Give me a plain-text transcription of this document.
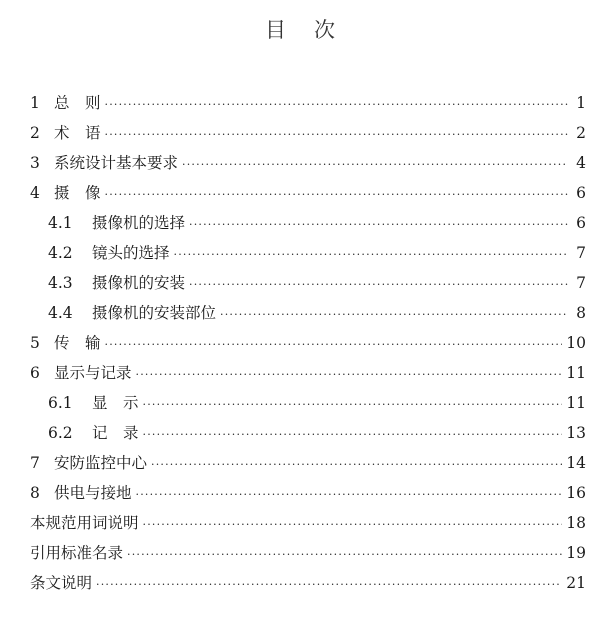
目 次
1 总　则 ·····	1
2 术　语 ·····	2
3 系统设计基本要求 ·····	4
4 摄　像 ·····	6
4.1	摄像机的选择 ·····	6
4.2	镜头的选择 ·····	7
4.3	摄像机的安装 ·····	7
4.4	摄像机的安装部位 ·····	8
5 传　输 ·····	10
6 显示与记录 ·····	11
6.1	显　示 ·····	11
6.2	记　录 ·····	13
7 安防监控中心 ·····	14
8 供电与接地 ·····	16
本规范用词说明 ·····	18
引用标准名录 ·····	19
条文说明 ·····	21
